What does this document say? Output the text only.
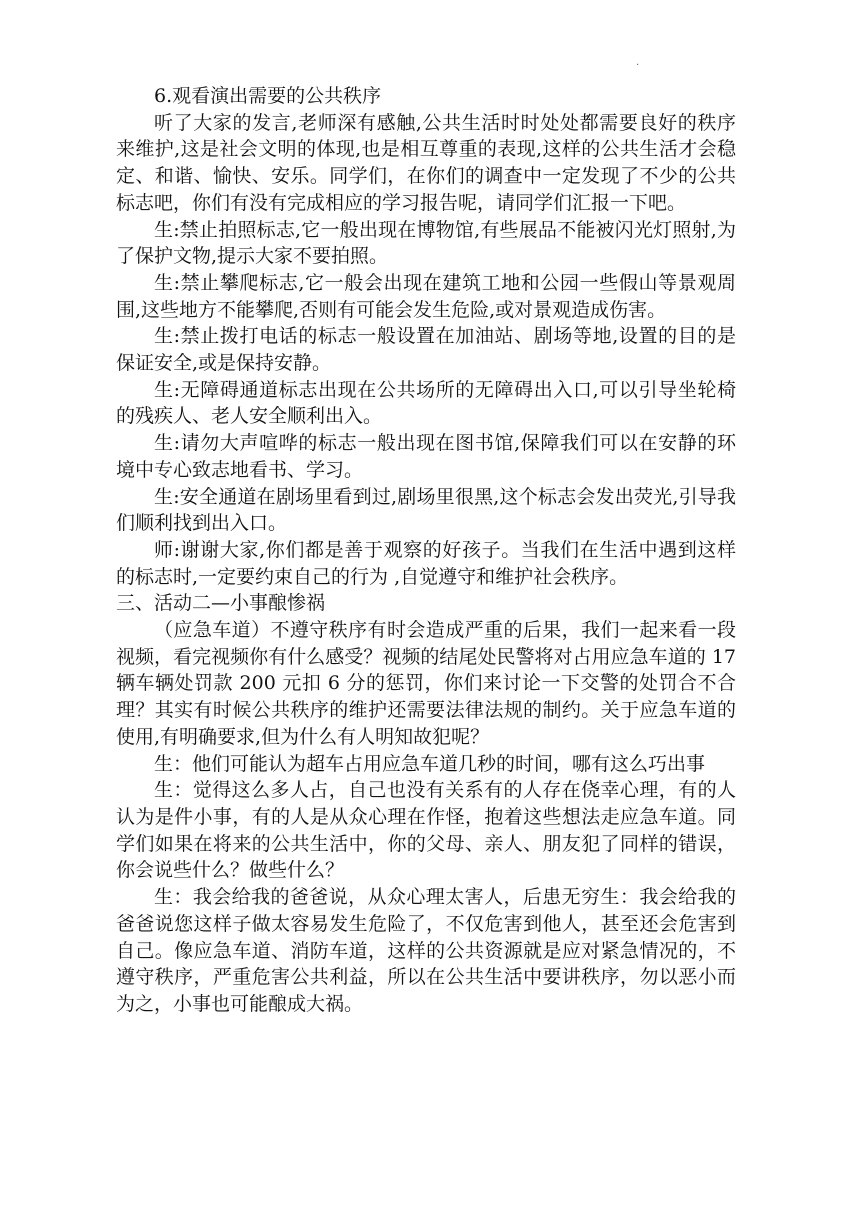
·

6.观看演出需要的公共秩序

听了大家的发言,老师深有感触,公共生活时时处处都需要良好的秩序来维护,这是社会文明的体现,也是相互尊重的表现,这样的公共生活才会稳定、和谐、愉快、安乐。同学们，在你们的调查中一定发现了不少的公共标志吧，你们有没有完成相应的学习报告呢，请同学们汇报一下吧。

生:禁止拍照标志,它一般出现在博物馆,有些展品不能被闪光灯照射,为了保护文物,提示大家不要拍照。

生:禁止攀爬标志,它一般会出现在建筑工地和公园一些假山等景观周围,这些地方不能攀爬,否则有可能会发生危险,或对景观造成伤害。

生:禁止拨打电话的标志一般设置在加油站、剧场等地,设置的目的是保证安全,或是保持安静。

生:无障碍通道标志出现在公共场所的无障碍出入口,可以引导坐轮椅的残疾人、老人安全顺利出入。

生:请勿大声喧哗的标志一般出现在图书馆,保障我们可以在安静的环境中专心致志地看书、学习。

生:安全通道在剧场里看到过,剧场里很黑,这个标志会发出荧光,引导我们顺利找到出入口。

师:谢谢大家,你们都是善于观察的好孩子。当我们在生活中遇到这样的标志时,一定要约束自己的行为 ,自觉遵守和维护社会秩序。

三、活动二—小事酿惨祸

（应急车道）不遵守秩序有时会造成严重的后果，我们一起来看一段视频，看完视频你有什么感受？视频的结尾处民警将对占用应急车道的 17 辆车辆处罚款 200 元扣 6 分的惩罚，你们来讨论一下交警的处罚合不合理？其实有时候公共秩序的维护还需要法律法规的制约。关于应急车道的使用,有明确要求,但为什么有人明知故犯呢？

生：他们可能认为超车占用应急车道几秒的时间，哪有这么巧出事

生：觉得这么多人占，自己也没有关系有的人存在侥幸心理，有的人认为是件小事，有的人是从众心理在作怪，抱着这些想法走应急车道。同学们如果在将来的公共生活中，你的父母、亲人、朋友犯了同样的错误，你会说些什么？做些什么？

生：我会给我的爸爸说，从众心理太害人，后患无穷生：我会给我的爸爸说您这样子做太容易发生危险了，不仅危害到他人，甚至还会危害到自己。像应急车道、消防车道，这样的公共资源就是应对紧急情况的，不遵守秩序，严重危害公共利益，所以在公共生活中要讲秩序，勿以恶小而为之，小事也可能酿成大祸。
